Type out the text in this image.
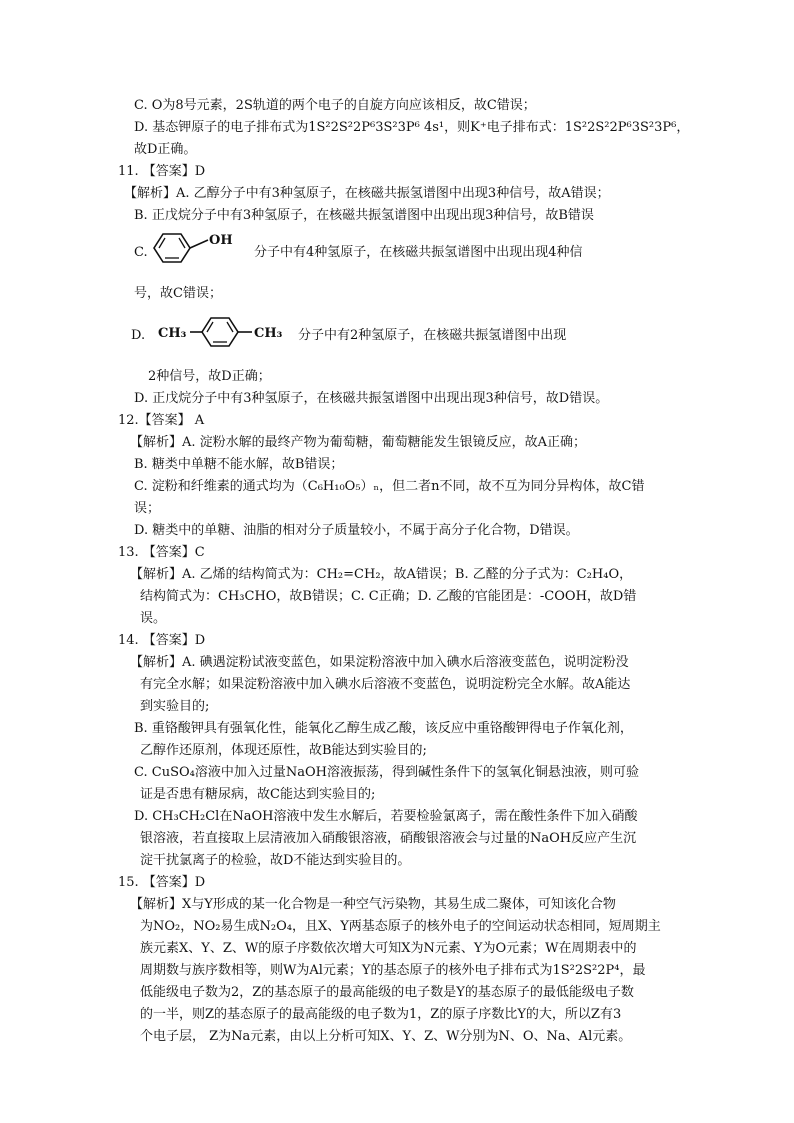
C. O为8号元素，2S轨道的两个电子的自旋方向应该相反，故C错误；
D. 基态钾原子的电子排布式为1S²2S²2P⁶3S²3P⁶ 4s¹，则K⁺电子排布式：1S²2S²2P⁶3S²3P⁶，
故D正确。
11. 【答案】D
【解析】A. 乙醇分子中有3种氢原子，在核磁共振氢谱图中出现3种信号，故A错误；
B. 正戊烷分子中有3种氢原子，在核磁共振氢谱图中出现出现3种信号，故B错误
C.
OH
分子中有4种氢原子，在核磁共振氢谱图中出现出现4种信
号，故C错误；
D. CH₃	CH₃ 分子中有2种氢原子，在核磁共振氢谱图中出现
2种信号，故D正确；
D. 正戊烷分子中有3种氢原子，在核磁共振氢谱图中出现出现3种信号，故D错误。
12.【答案】 A
【解析】A. 淀粉水解的最终产物为葡萄糖，葡萄糖能发生银镜反应，故A正确；
B. 糖类中单糖不能水解，故B错误；
C. 淀粉和纤维素的通式均为（C₆H₁₀O₅）ₙ，但二者n不同，故不互为同分异构体，故C错
误；
D. 糖类中的单糖、油脂的相对分子质量较小，不属于高分子化合物，D错误。
13. 【答案】C
【解析】A. 乙烯的结构简式为：CH₂=CH₂，故A错误；B. 乙醛的分子式为：C₂H₄O，
结构简式为：CH₃CHO，故B错误；C. C正确；D. 乙酸的官能团是：-COOH，故D错
误。
14. 【答案】D
【解析】A. 碘遇淀粉试液变蓝色，如果淀粉溶液中加入碘水后溶液变蓝色，说明淀粉没
有完全水解；如果淀粉溶液中加入碘水后溶液不变蓝色，说明淀粉完全水解。故A能达
到实验目的;
B. 重铬酸钾具有强氧化性，能氧化乙醇生成乙酸，该反应中重铬酸钾得电子作氧化剂，
乙醇作还原剂，体现还原性，故B能达到实验目的;
C. CuSO₄溶液中加入过量NaOH溶液振荡，得到碱性条件下的氢氧化铜悬浊液，则可验
证是否患有糖尿病，故C能达到实验目的;
D. CH₃CH₂Cl在NaOH溶液中发生水解后，若要检验氯离子，需在酸性条件下加入硝酸
银溶液，若直接取上层清液加入硝酸银溶液，硝酸银溶液会与过量的NaOH反应产生沉
淀干扰氯离子的检验，故D不能达到实验目的。
15. 【答案】D
【解析】X与Y形成的某一化合物是一种空气污染物，其易生成二聚体，可知该化合物
为NO₂，NO₂易生成N₂O₄，且X、Y两基态原子的核外电子的空间运动状态相同，短周期主
族元素X、Y、Z、W的原子序数依次增大可知X为N元素、Y为O元素；W在周期表中的
周期数与族序数相等，则W为Al元素；Y的基态原子的核外电子排布式为1S²2S²2P⁴，最
低能级电子数为2，Z的基态原子的最高能级的电子数是Y的基态原子的最低能级电子数
的一半，则Z的基态原子的最高能级的电子数为1，Z的原子序数比Y的大，所以Z有3
个电子层， Z为Na元素，由以上分析可知X、Y、Z、W分别为N、O、Na、Al元素。
